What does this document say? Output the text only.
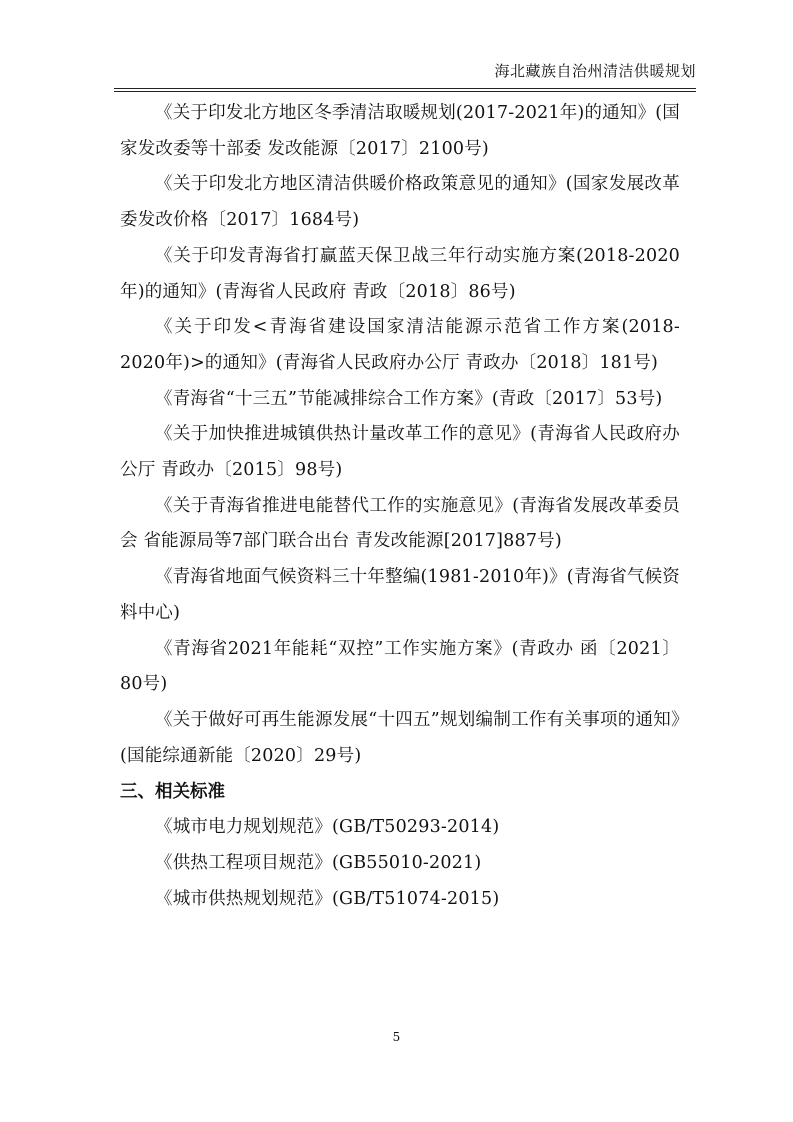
海北藏族自治州清洁供暖规划

《关于印发北方地区冬季清洁取暖规划(2017-2021年)的通知》(国家发改委等十部委 发改能源〔2017〕2100号)

《关于印发北方地区清洁供暖价格政策意见的通知》(国家发展改革委发改价格〔2017〕1684号)

《关于印发青海省打赢蓝天保卫战三年行动实施方案(2018-2020年)的通知》(青海省人民政府 青政〔2018〕86号)

《关于印发<青海省建设国家清洁能源示范省工作方案(2018-2020年)>的通知》(青海省人民政府办公厅 青政办〔2018〕181号)

《青海省“十三五”节能减排综合工作方案》(青政〔2017〕53号)

《关于加快推进城镇供热计量改革工作的意见》(青海省人民政府办公厅 青政办〔2015〕98号)

《关于青海省推进电能替代工作的实施意见》(青海省发展改革委员会 省能源局等7部门联合出台 青发改能源[2017]887号)

《青海省地面气候资料三十年整编(1981-2010年)》(青海省气候资料中心)

《青海省2021年能耗“双控”工作实施方案》(青政办 函〔2021〕80号)

《关于做好可再生能源发展“十四五”规划编制工作有关事项的通知》(国能综通新能〔2020〕29号)

三、相关标准

《城市电力规划规范》(GB/T50293-2014)

《供热工程项目规范》(GB55010-2021)

《城市供热规划规范》(GB/T51074-2015)

5
